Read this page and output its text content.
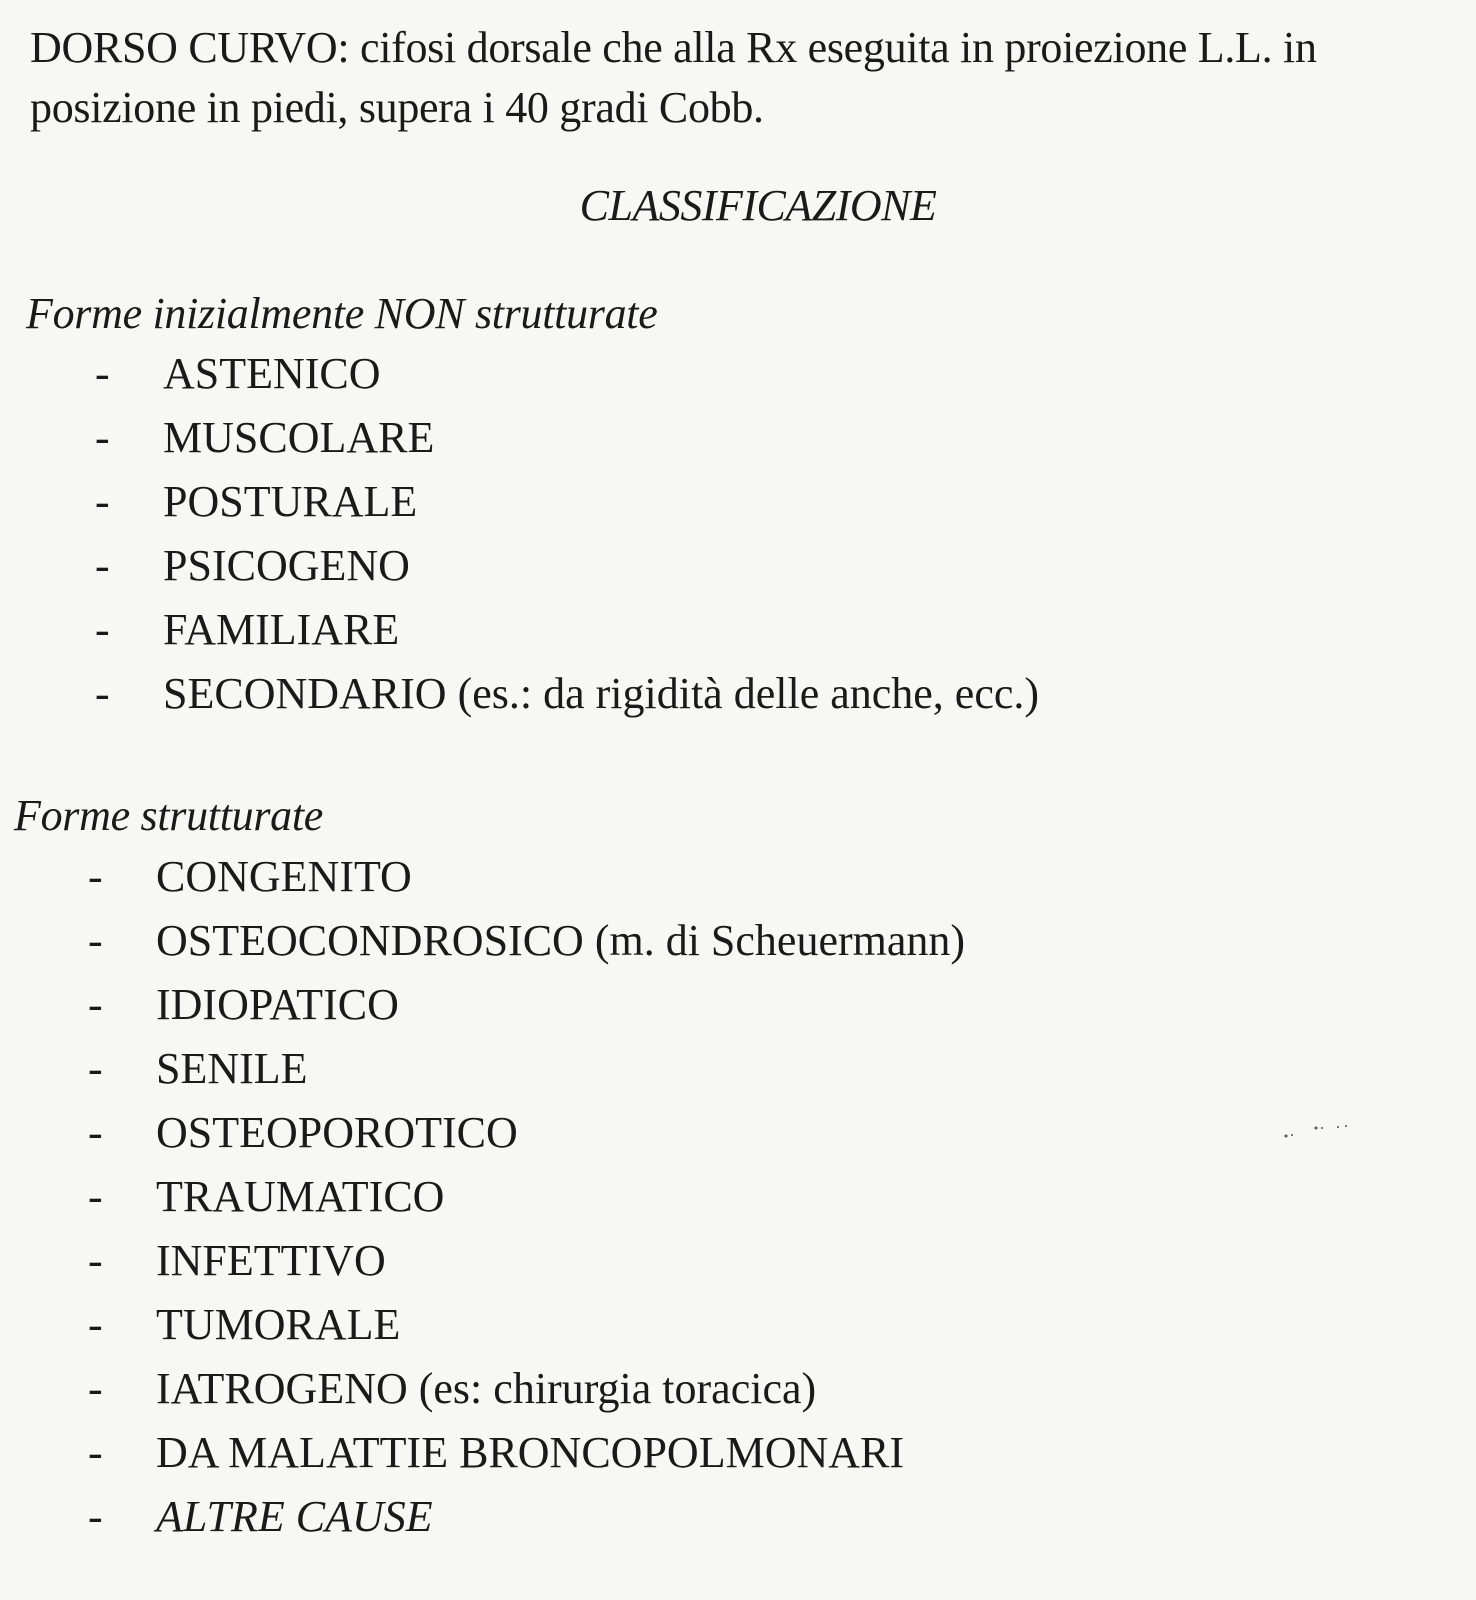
DORSO CURVO: cifosi dorsale che alla Rx eseguita in proiezione L.L. in posizione in piedi, supera i 40 gradi Cobb.
CLASSIFICAZIONE
Forme inizialmente NON strutturate
- ASTENICO
- MUSCOLARE
- POSTURALE
- PSICOGENO
- FAMILIARE
- SECONDARIO (es.: da rigidità delle anche, ecc.)
Forme strutturate
- CONGENITO
- OSTEOCONDROSICO (m. di Scheuermann)
- IDIOPATICO
- SENILE
- OSTEOPOROTICO
- TRAUMATICO
- INFETTIVO
- TUMORALE
- IATROGENO (es: chirurgia toracica)
- DA MALATTIE BRONCOPOLMONARI
- ALTRE CAUSE
